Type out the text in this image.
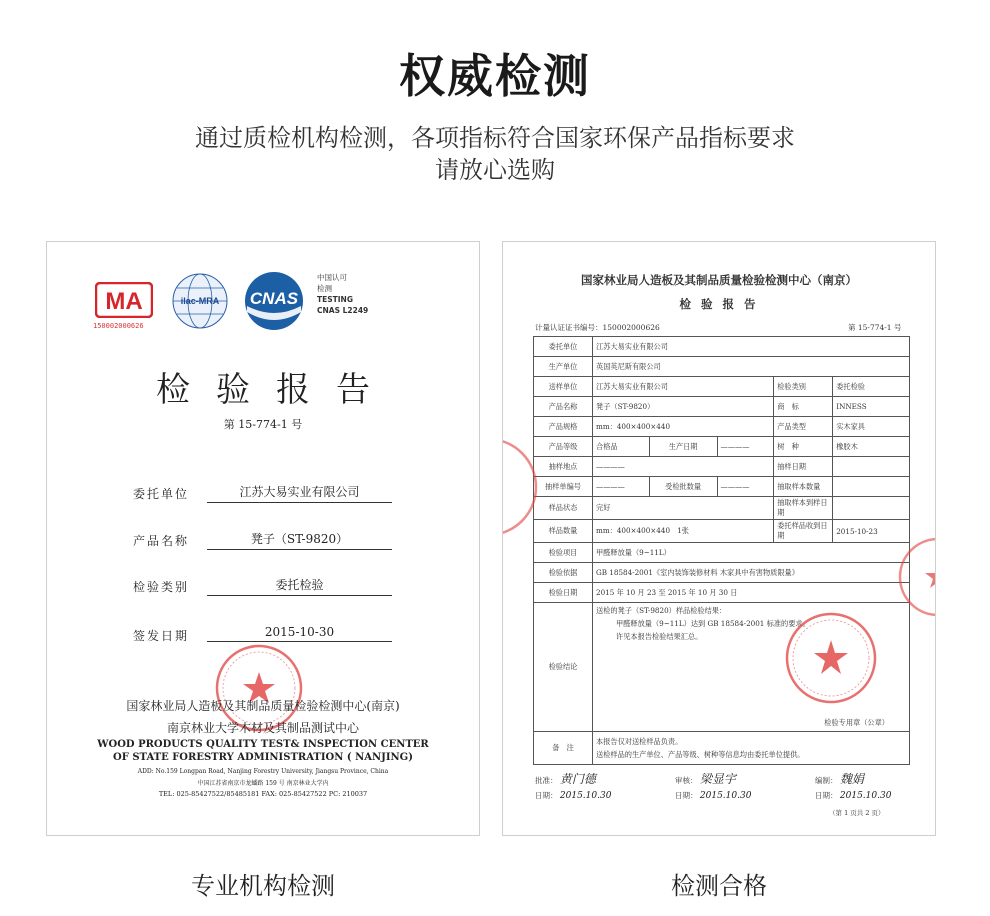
权威检测
通过质检机构检测，各项指标符合国家环保产品指标要求
请放心选购
MA
150002000626
ilac-MRA CNAS
中国认可
检测
TESTING
CNAS L2249
检验报告
第 15-774-1 号
委托单位	江苏大易实业有限公司
产品名称	凳子（ST-9820）
检验类别	委托检验
签发日期	2015-10-30
国家林业局人造板及其制品质量检验检测中心(南京)
南京林业大学木材及其制品测试中心
WOOD PRODUCTS QUALITY TEST& INSPECTION CENTER
OF STATE FORESTRY ADMINISTRATION ( NANJING)
ADD: No.159 Longpan Road, Nanjing Forestry University, Jiangsu Province, China
中国江苏省南京市龙蟠路 159 号 南京林业大学内
TEL: 025-85427522/85485181 FAX: 025-85427522 PC: 210037
国家林业局人造板及其制品质量检验检测中心（南京）
检 验 报 告
计量认证证书编号：150002000626	第 15-774-1 号
委托单位	江苏大易实业有限公司				
生产单位	英国英尼斯有限公司				
送样单位	江苏大易实业有限公司			检验类别	委托检验
产品名称	凳子（ST-9820）			商　标	INNESS
产品规格	mm：400×400×440			产品类型	实木家具
产品等级	合格品	生产日期	————	树　种	橡胶木
抽样地点	————			抽样日期	
抽样单编号	————	受检批数量	————	抽取样本数量	
样品状态	完好			抽取样本到样日期	
样品数量	mm：400×400×440　1张			委托样品收到日期	2015-10-23
检验项目	甲醛释放量（9~11L）				
检验依据	GB 18584-2001《室内装饰装修材料 木家具中有害物质限量》				
检验日期	2015 年 10 月 23 至 2015 年 10 月 30 日				
检验结论	送检的凳子（ST-9820）样品检验结果：
甲醛释放量（9~11L）达到 GB 18584-2001 标准的要求。
许见本报告检验结果汇总。
检验专用章（公章）				

备　注	本报告仅对送检样品负责。
送检样品的生产单位、产品等级、树种等信息均由委托单位提供。				
批准： 黄门德
日期： 2015.10.30
审核： 梁显宇
日期： 2015.10.30
编制： 魏娟
日期： 2015.10.30
（第 1 页共 2 页）
专业机构检测	检测合格
